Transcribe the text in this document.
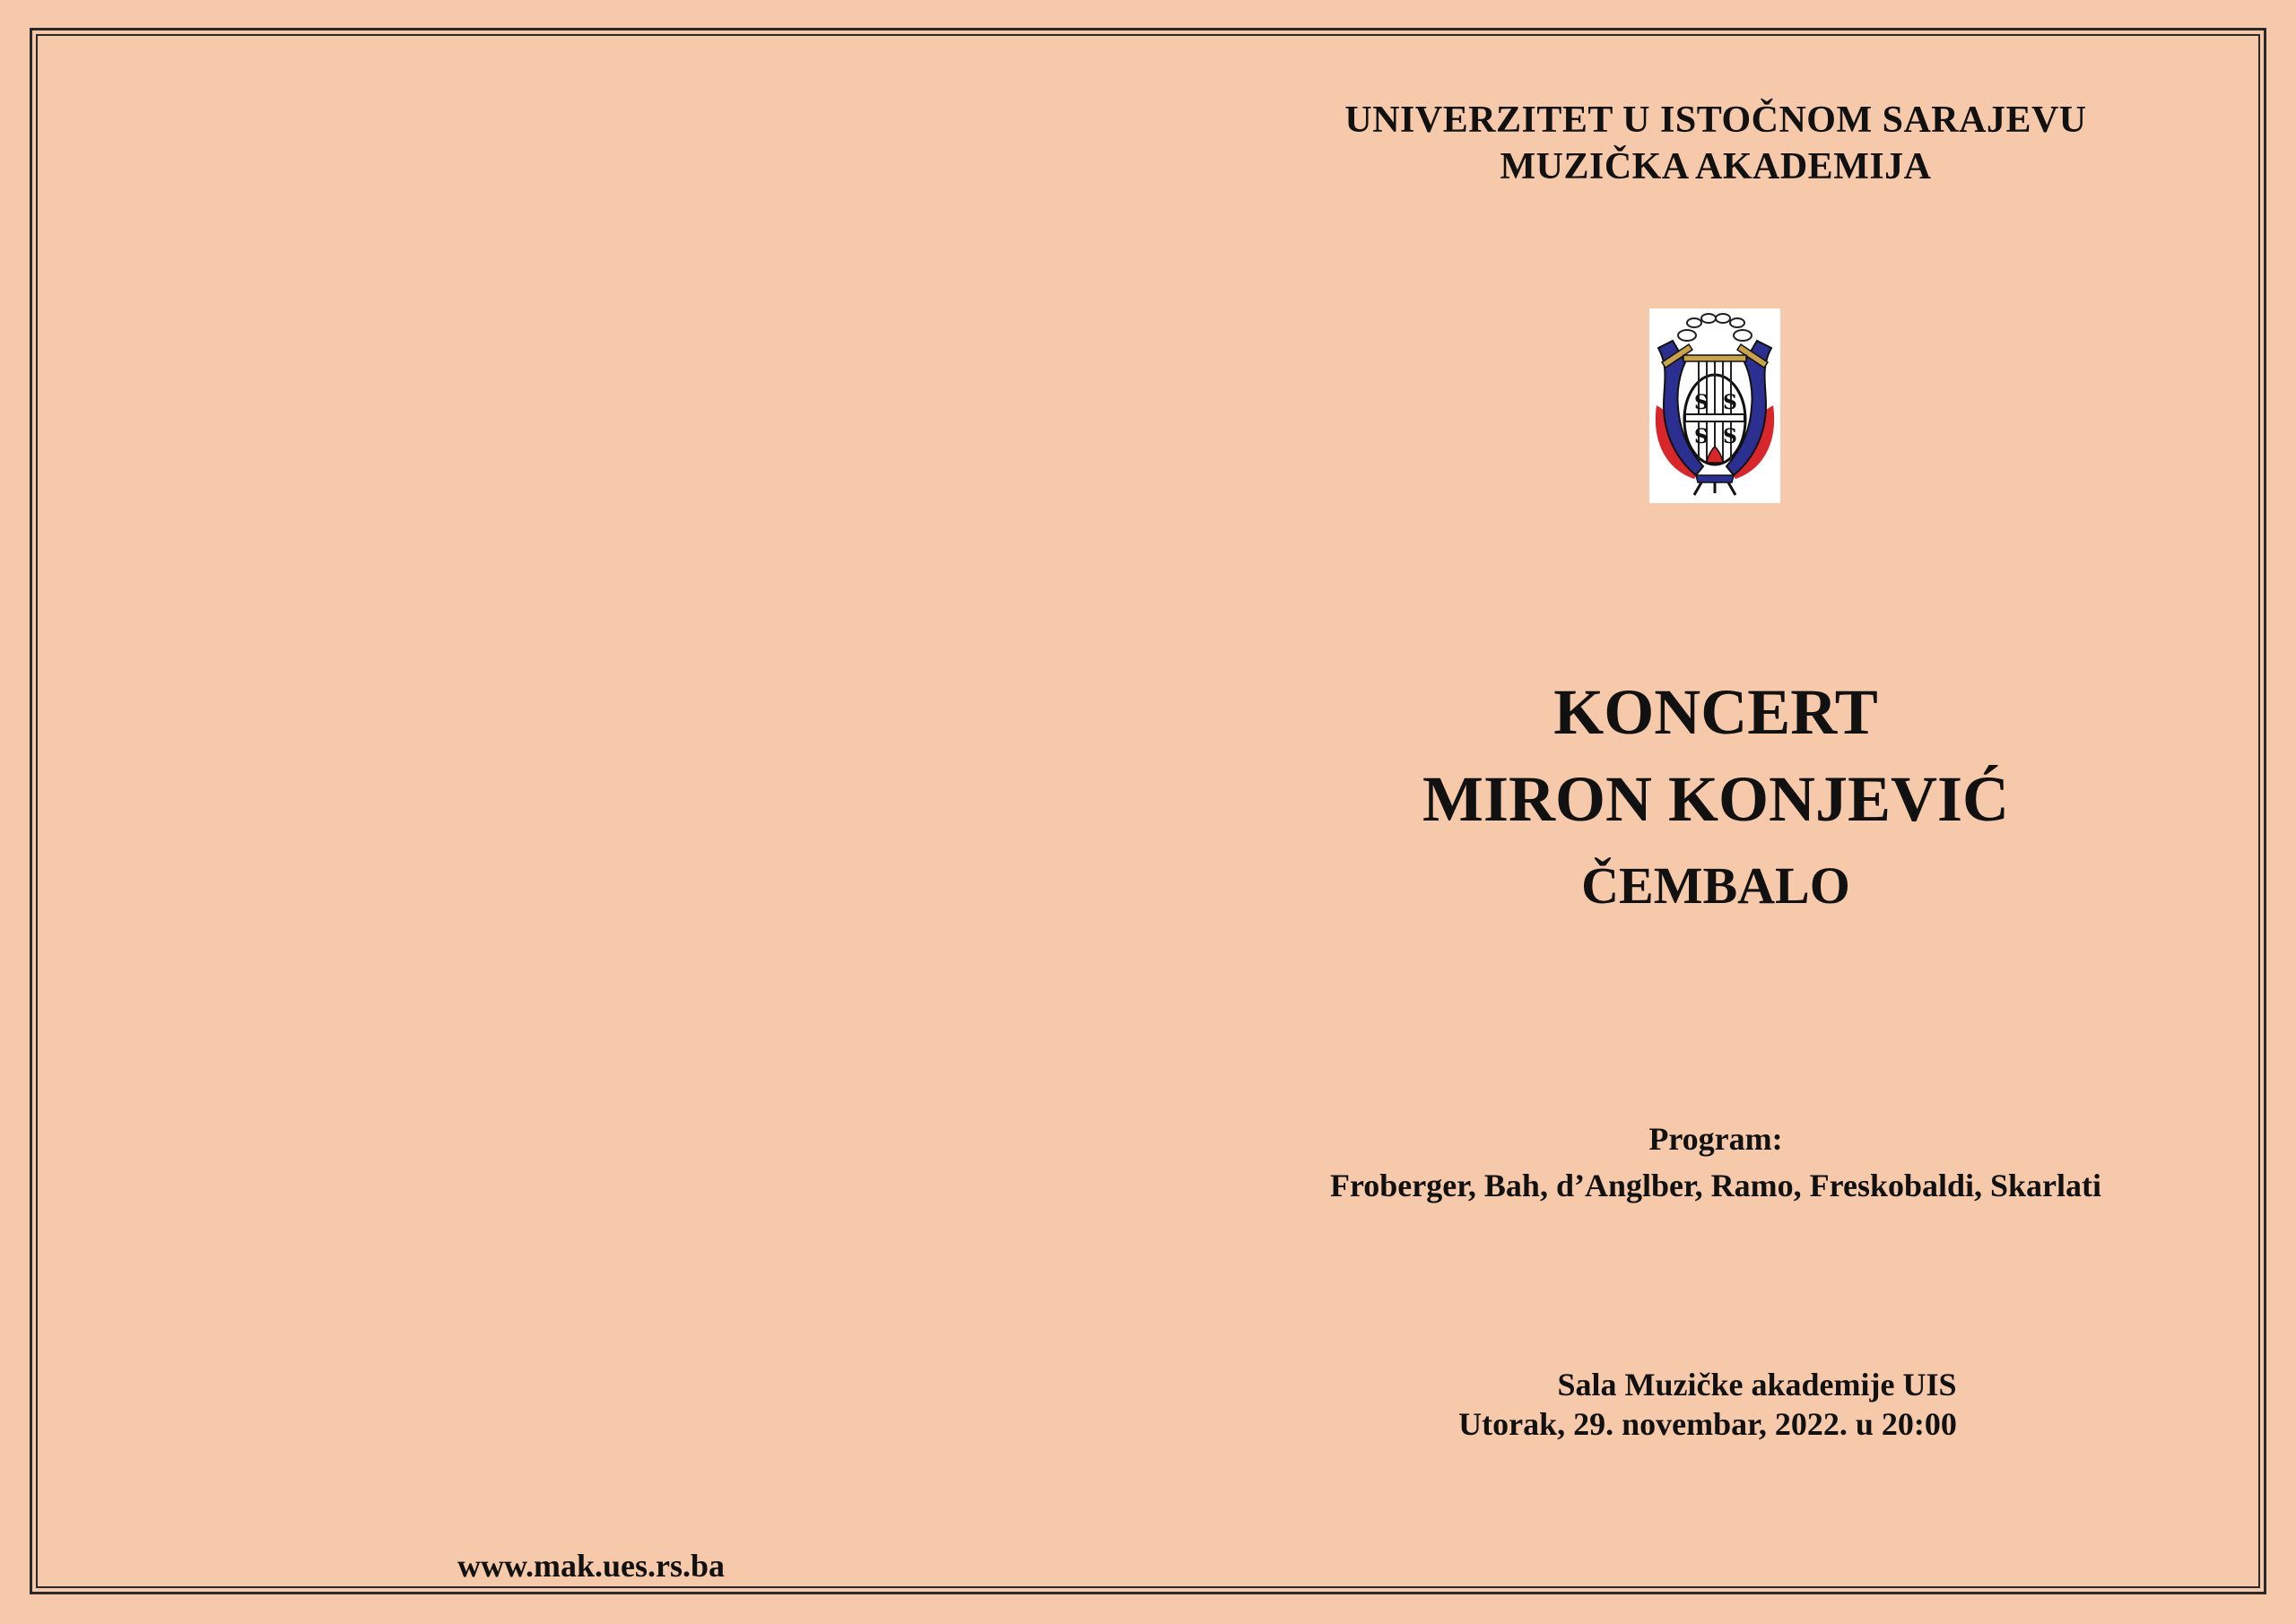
UNIVERZITET U ISTOČNOM SARAJEVU
MUZIČKA AKADEMIJA
S S
S S
KONCERT
MIRON KONJEVIĆ
ČEMBALO
Program:
Froberger, Bah, d’Anglber, Ramo, Freskobaldi, Skarlati
Sala Muzičke akademije UIS
Utorak, 29. novembar, 2022. u 20:00
www.mak.ues.rs.ba
